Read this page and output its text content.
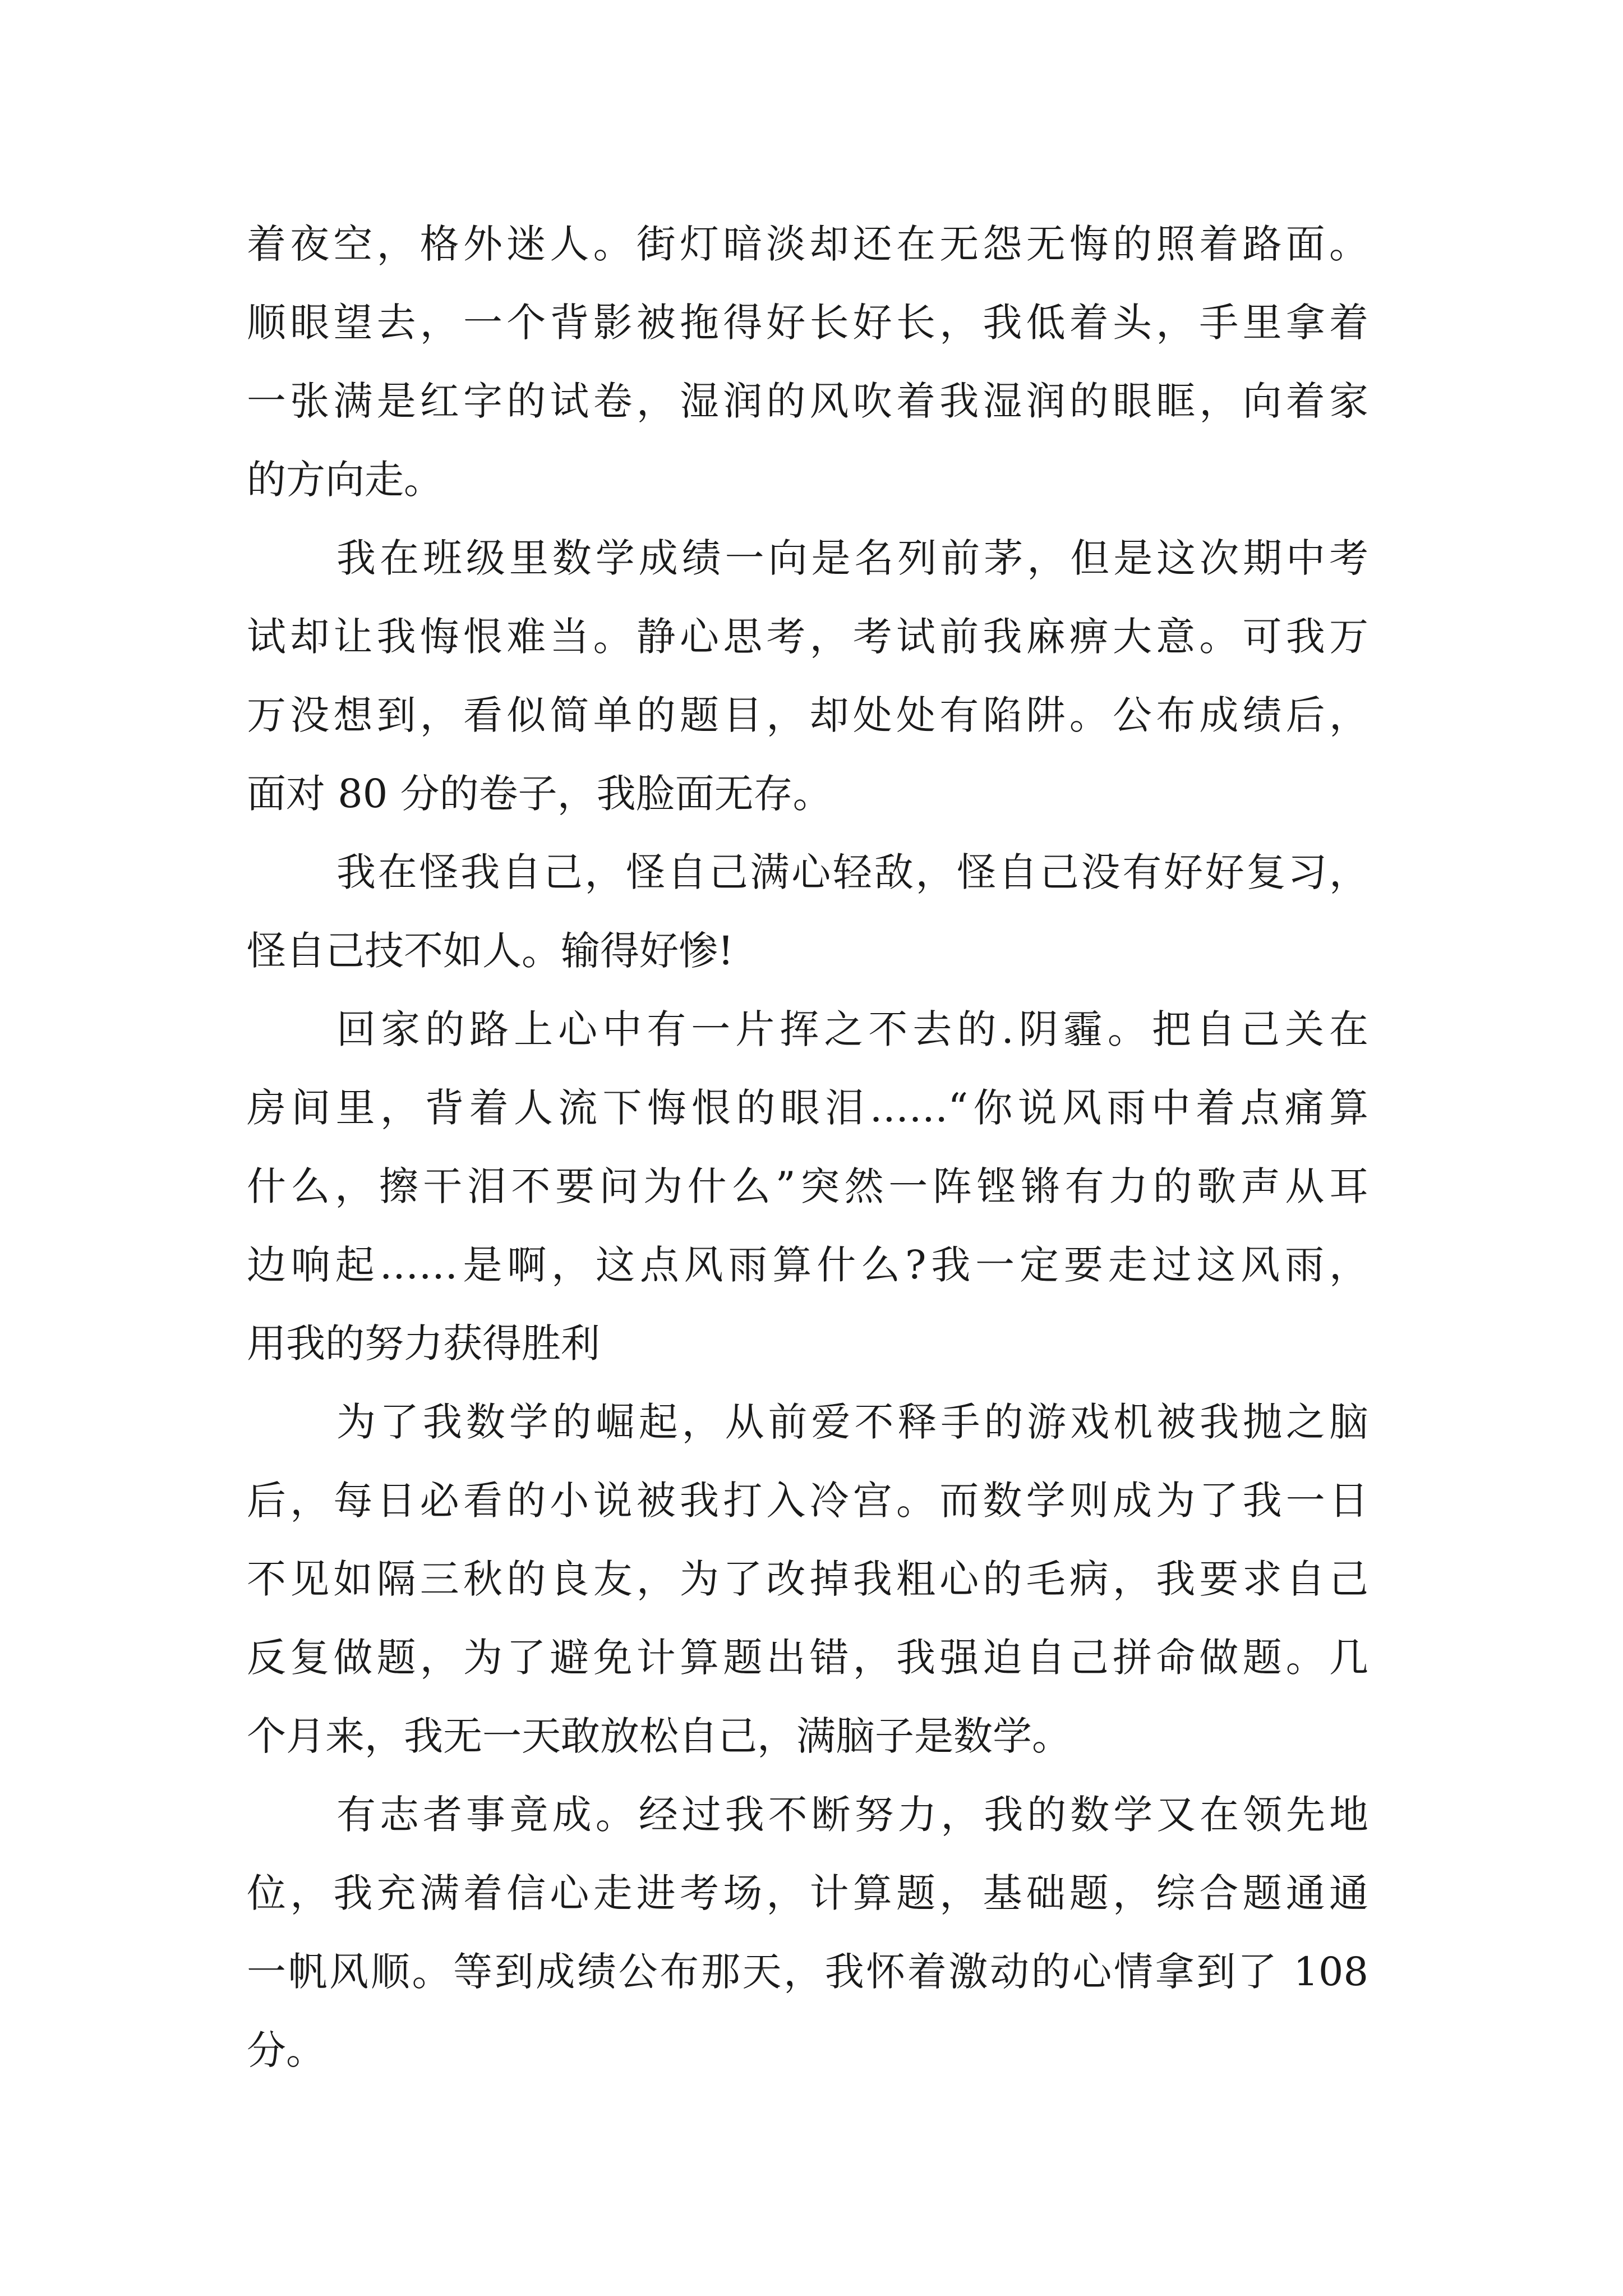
着夜空，格外迷人。街灯暗淡却还在无怨无悔的照着路面。
顺眼望去，一个背影被拖得好长好长，我低着头，手里拿着
一张满是红字的试卷，湿润的风吹着我湿润的眼眶，向着家
的方向走。
我在班级里数学成绩一向是名列前茅，但是这次期中考
试却让我悔恨难当。静心思考，考试前我麻痹大意。可我万
万没想到，看似简单的题目，却处处有陷阱。公布成绩后，
面对 80 分的卷子，我脸面无存。
我在怪我自己，怪自己满心轻敌，怪自己没有好好复习，
怪自己技不如人。输得好惨!
回家的路上心中有一片挥之不去的.阴霾。把自己关在
房间里，背着人流下悔恨的眼泪……“你说风雨中着点痛算
什么，擦干泪不要问为什么”突然一阵铿锵有力的歌声从耳
边响起……是啊，这点风雨算什么?我一定要走过这风雨，
用我的努力获得胜利
为了我数学的崛起，从前爱不释手的游戏机被我抛之脑
后，每日必看的小说被我打入冷宫。而数学则成为了我一日
不见如隔三秋的良友，为了改掉我粗心的毛病，我要求自己
反复做题，为了避免计算题出错，我强迫自己拼命做题。几
个月来，我无一天敢放松自己，满脑子是数学。
有志者事竟成。经过我不断努力，我的数学又在领先地
位，我充满着信心走进考场，计算题，基础题，综合题通通
一帆风顺。等到成绩公布那天，我怀着激动的心情拿到了 108
分。
